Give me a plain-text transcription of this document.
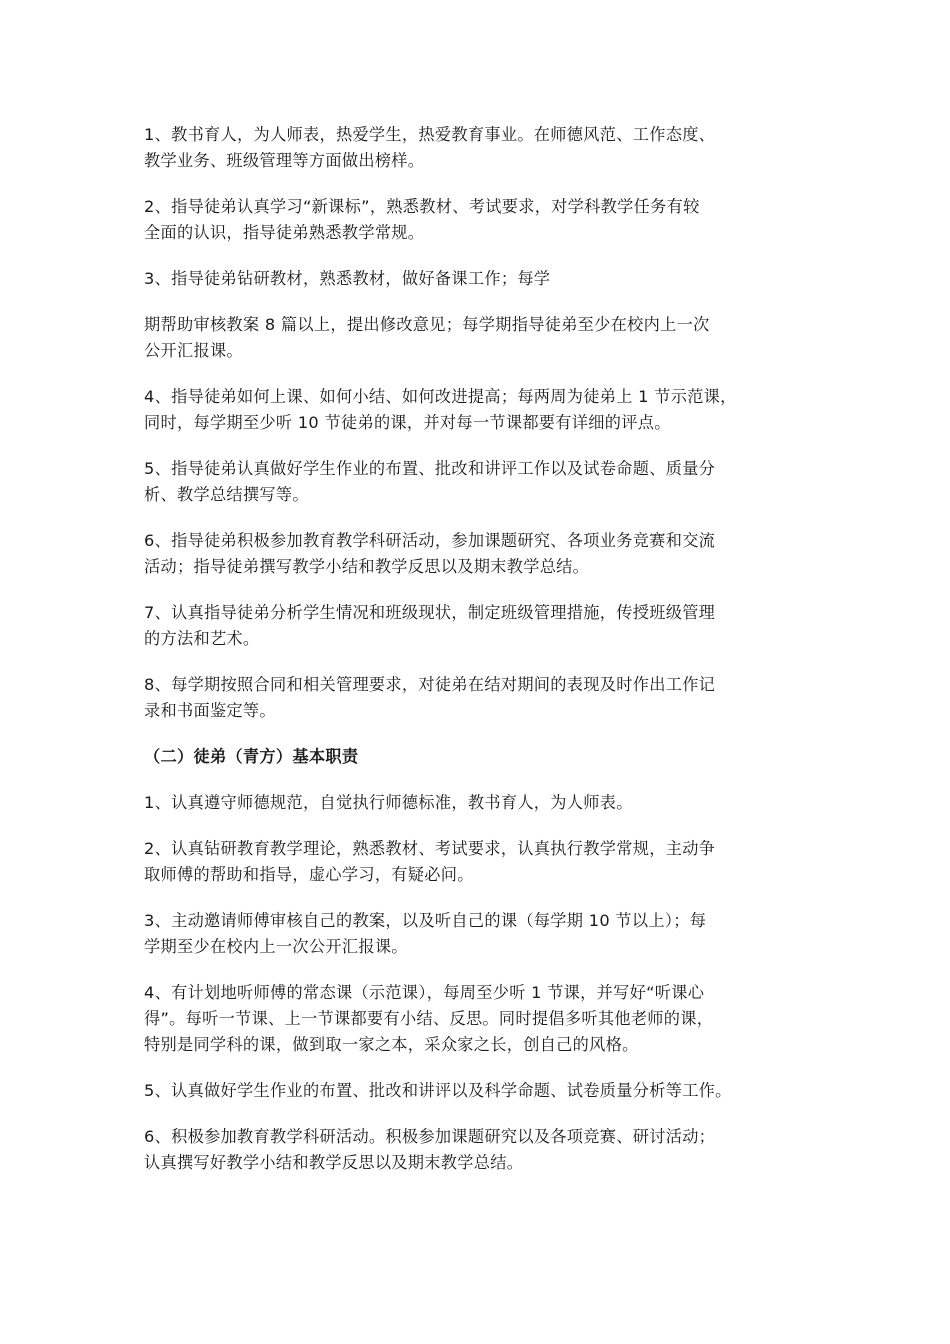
1、教书育人，为人师表，热爱学生，热爱教育事业。在师德风范、工作态度、
教学业务、班级管理等方面做出榜样。

2、指导徒弟认真学习“新课标”，熟悉教材、考试要求，对学科教学任务有较
全面的认识，指导徒弟熟悉教学常规。

3、指导徒弟钻研教材，熟悉教材，做好备课工作；每学

期帮助审核教案 8 篇以上，提出修改意见；每学期指导徒弟至少在校内上一次
公开汇报课。

4、指导徒弟如何上课、如何小结、如何改进提高；每两周为徒弟上 1 节示范课，
同时，每学期至少听 10 节徒弟的课，并对每一节课都要有详细的评点。

5、指导徒弟认真做好学生作业的布置、批改和讲评工作以及试卷命题、质量分
析、教学总结撰写等。

6、指导徒弟积极参加教育教学科研活动，参加课题研究、各项业务竞赛和交流
活动；指导徒弟撰写教学小结和教学反思以及期末教学总结。

7、认真指导徒弟分析学生情况和班级现状，制定班级管理措施，传授班级管理
的方法和艺术。

8、每学期按照合同和相关管理要求，对徒弟在结对期间的表现及时作出工作记
录和书面鉴定等。

（二）徒弟（青方）基本职责

1、认真遵守师德规范，自觉执行师德标准，教书育人，为人师表。

2、认真钻研教育教学理论，熟悉教材、考试要求，认真执行教学常规，主动争
取师傅的帮助和指导，虚心学习，有疑必问。

3、主动邀请师傅审核自己的教案，以及听自己的课（每学期 10 节以上）；每
学期至少在校内上一次公开汇报课。

4、有计划地听师傅的常态课（示范课），每周至少听 1 节课，并写好“听课心
得”。每听一节课、上一节课都要有小结、反思。同时提倡多听其他老师的课，
特别是同学科的课，做到取一家之本，采众家之长，创自己的风格。

5、认真做好学生作业的布置、批改和讲评以及科学命题、试卷质量分析等工作。

6、积极参加教育教学科研活动。积极参加课题研究以及各项竞赛、研讨活动；
认真撰写好教学小结和教学反思以及期末教学总结。
